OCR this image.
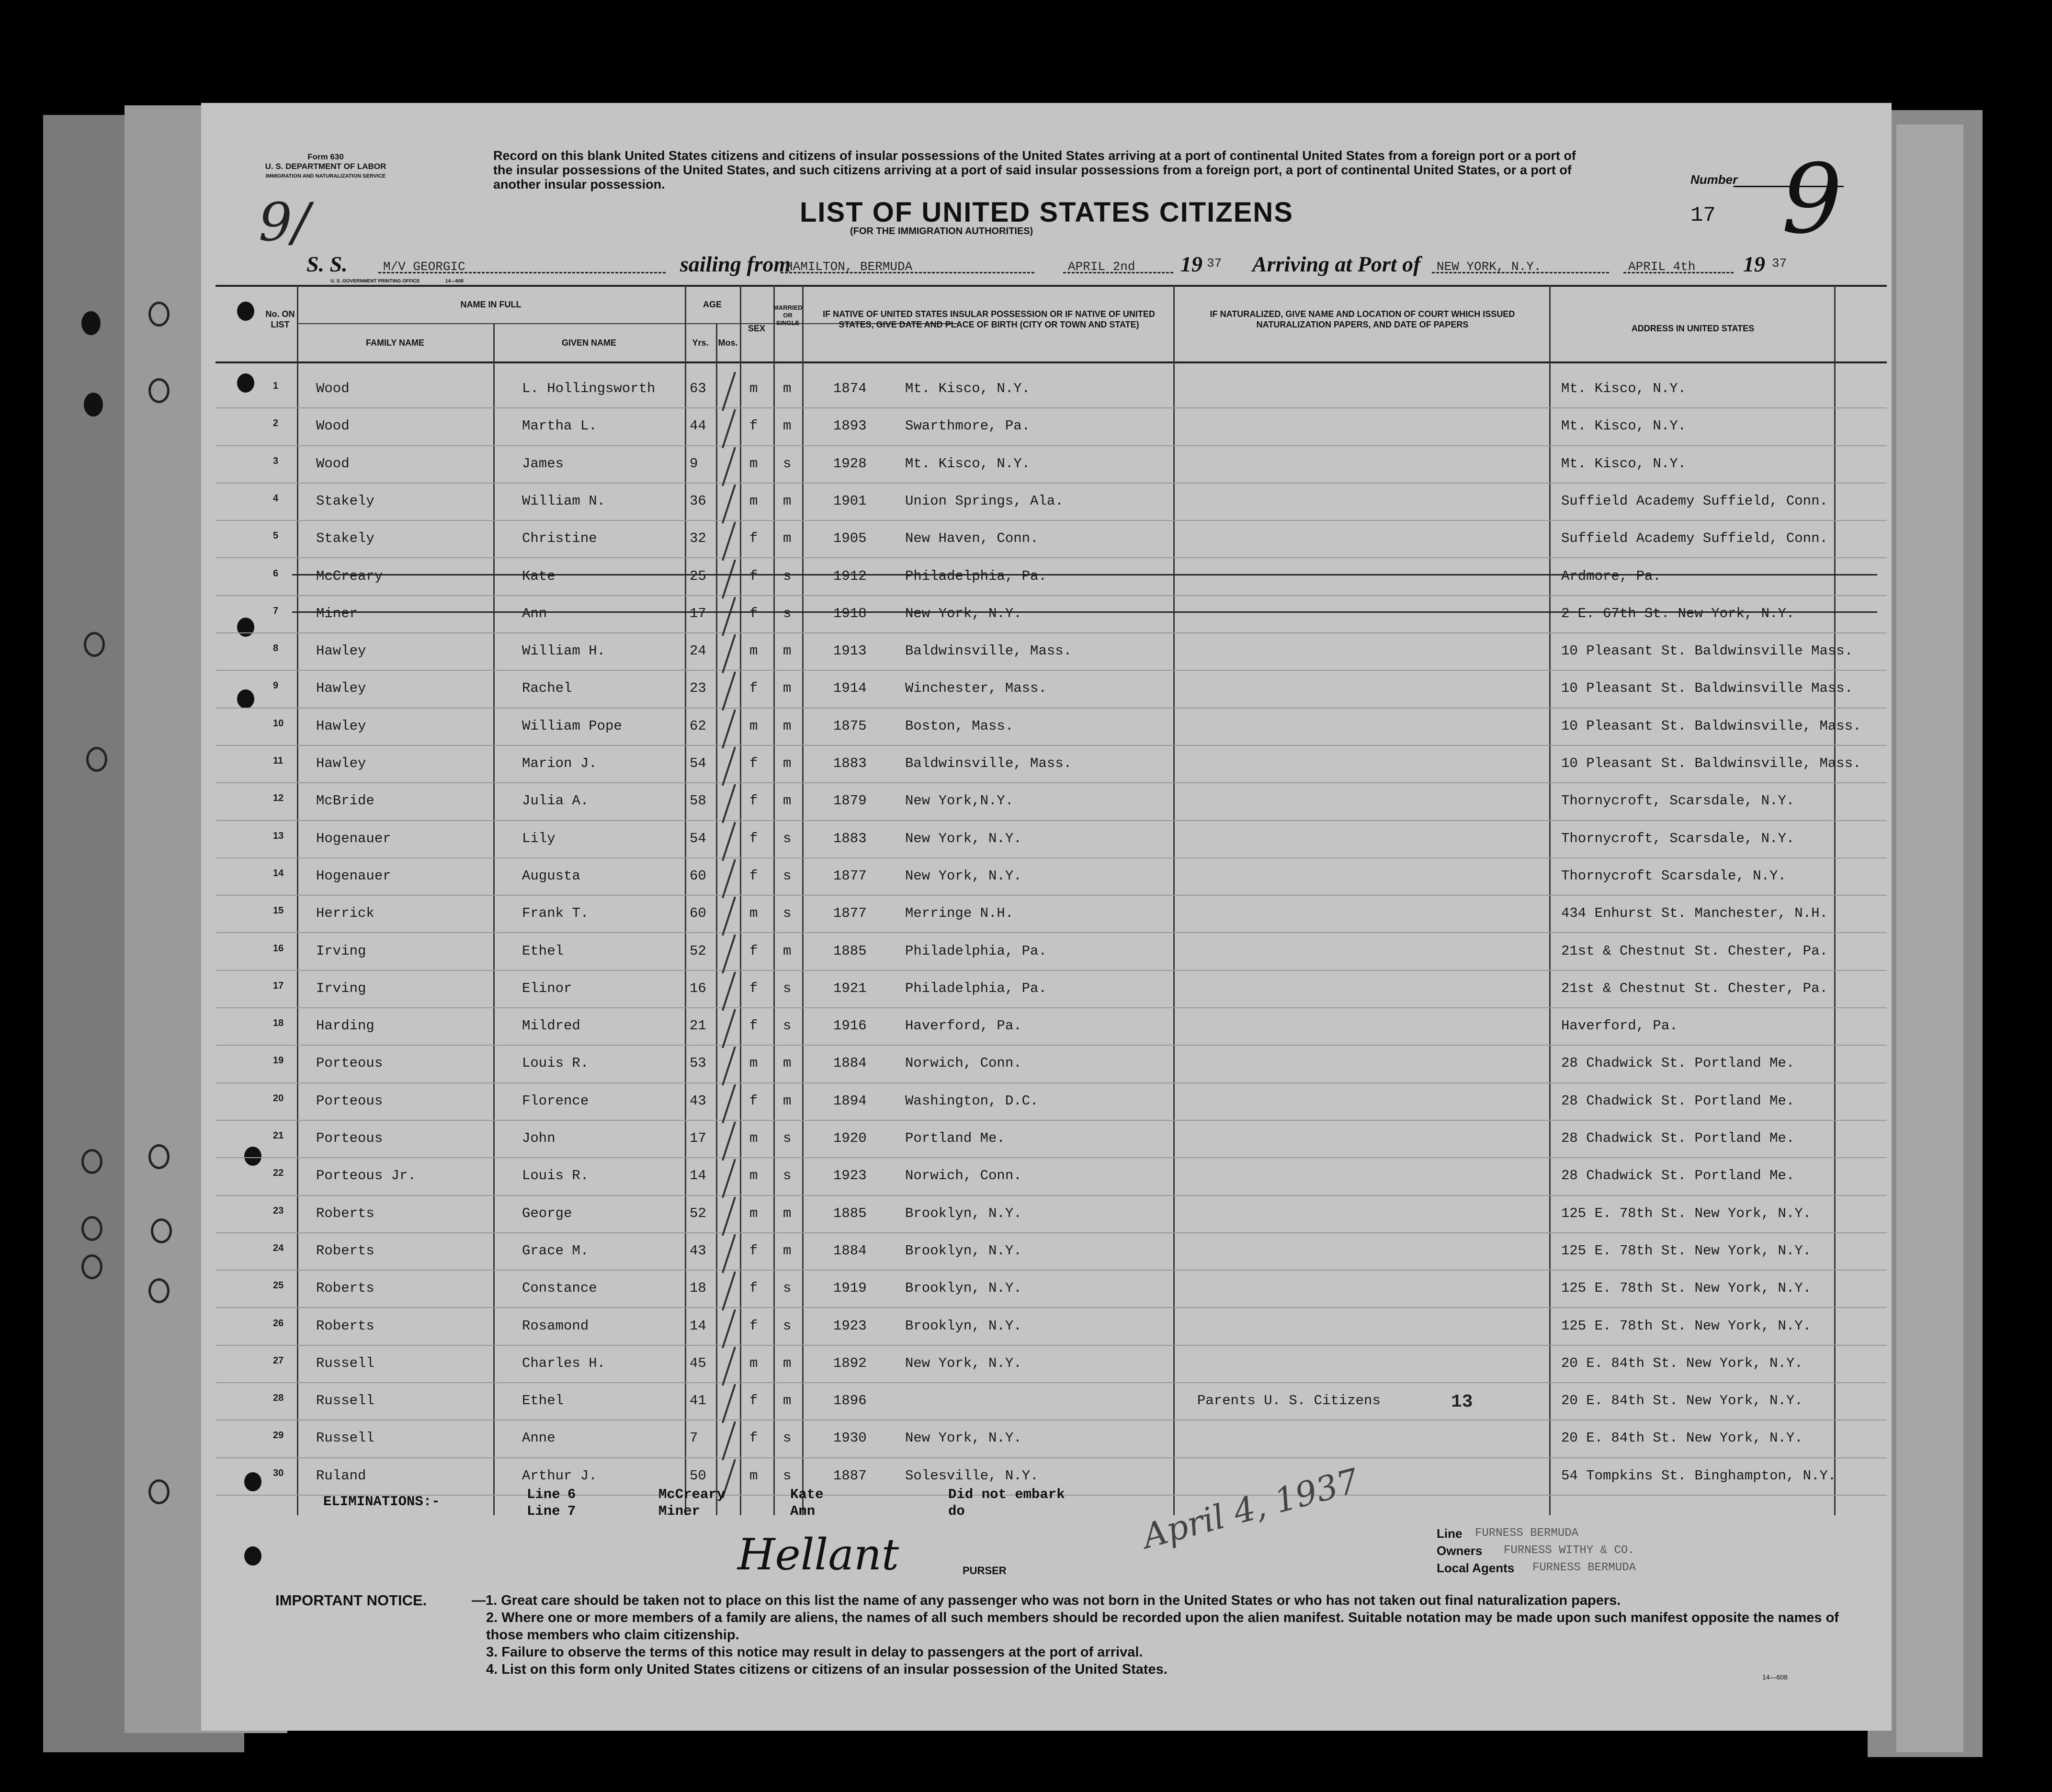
Form 630
U. S. DEPARTMENT OF LABOR
IMMIGRATION AND NATURALIZATION SERVICE
Record on this blank United States citizens and citizens of insular possessions of the United States arriving at a port of continental United States from a foreign port or a port of the insular possessions of the United States, and such citizens arriving at a port of said insular possessions from a foreign port, a port of continental United States, or a port of another insular possession.	Number 9
17
LIST OF UNITED STATES CITIZENS
(FOR THE IMMIGRATION AUTHORITIES)
9/
S. S.	M/V GEORGIC	sailing from
HAMILTON, BERMUDA	APRIL 2nd 19 37 Arriving at Port of NEW YORK, N.Y.	APRIL 4th 19 37
U. S. GOVERNMENT PRINTING OFFICE	14—608
No. ON LIST
NAME IN FULL
FAMILY NAME	GIVEN NAME
AGE
Yrs.	Mos.
SEX
MARRIED OR SINGLE
IF NATIVE OF UNITED STATES INSULAR POSSESSION OR IF NATIVE OF UNITED STATES, GIVE DATE AND PLACE OF BIRTH (CITY OR TOWN AND STATE)
IF NATURALIZED, GIVE NAME AND LOCATION OF COURT WHICH ISSUED NATURALIZATION PAPERS, AND DATE OF PAPERS	ADDRESS IN UNITED STATES
1	Wood	L. Hollingsworth 63	m m	1874	Mt. Kisco, N.Y.	Mt. Kisco, N.Y.
2	Wood	Martha L.	44	f m	1893	Swarthmore, Pa.	Mt. Kisco, N.Y.
3	Wood	James	9	m s	1928	Mt. Kisco, N.Y.	Mt. Kisco, N.Y.
4	Stakely	William N.	36	m m	1901	Union Springs, Ala.	Suffield Academy Suffield, Conn.
5	Stakely	Christine	32	f m	1905	New Haven, Conn.	Suffield Academy Suffield, Conn.
6	McCreary	Kate	25	f s	1912	Philadelphia, Pa.	Ardmore, Pa.
7	Miner	Ann	17	f s	1918	New York, N.Y.	2 E. 67th St. New York, N.Y.
8	Hawley	William H.	24	m m	1913	Baldwinsville, Mass.	10 Pleasant St. Baldwinsville Mass.
9	Hawley	Rachel	23	f m	1914	Winchester, Mass.	10 Pleasant St. Baldwinsville Mass.
10 Hawley	William Pope	62	m m	1875	Boston, Mass.	10 Pleasant St. Baldwinsville, Mass.
11 Hawley	Marion J.	54	f m	1883	Baldwinsville, Mass.	10 Pleasant St. Baldwinsville, Mass.
12 McBride	Julia A.	58	f m	1879	New York,N.Y.	Thornycroft, Scarsdale, N.Y.
13 Hogenauer	Lily	54	f s	1883	New York, N.Y.	Thornycroft, Scarsdale, N.Y.
14 Hogenauer	Augusta	60	f s	1877	New York, N.Y.	Thornycroft Scarsdale, N.Y.
15 Herrick	Frank T.	60	m s	1877	Merringe N.H.	434 Enhurst St. Manchester, N.H.
16 Irving	Ethel	52	f m	1885	Philadelphia, Pa.	21st & Chestnut St. Chester, Pa.
17 Irving	Elinor	16	f s	1921	Philadelphia, Pa.	21st & Chestnut St. Chester, Pa.
18 Harding	Mildred	21	f s	1916	Haverford, Pa.	Haverford, Pa.
19 Porteous	Louis R.	53	m m	1884	Norwich, Conn.	28 Chadwick St. Portland Me.
20 Porteous	Florence	43	f m	1894	Washington, D.C.	28 Chadwick St. Portland Me.
21 Porteous	John	17	m s	1920	Portland Me.	28 Chadwick St. Portland Me.
22 Porteous Jr.	Louis R.	14	m s	1923	Norwich, Conn.	28 Chadwick St. Portland Me.
23 Roberts	George	52	m m	1885	Brooklyn, N.Y.	125 E. 78th St. New York, N.Y.
24 Roberts	Grace M.	43	f m	1884	Brooklyn, N.Y.	125 E. 78th St. New York, N.Y.
25 Roberts	Constance	18	f s	1919	Brooklyn, N.Y.	125 E. 78th St. New York, N.Y.
26 Roberts	Rosamond	14	f s	1923	Brooklyn, N.Y.	125 E. 78th St. New York, N.Y.
27 Russell	Charles H.	45	m m	1892	New York, N.Y.	20 E. 84th St. New York, N.Y.
28 Russell	Ethel	41	f m	1896	Parents U. S. Citizens	20 E. 84th St. New York, N.Y.
29 Russell	Anne	7	f s	1930	New York, N.Y.	20 E. 84th St. New York, N.Y.
30 Ruland	Arthur J.	50	m s	1887	Solesville, N.Y.	54 Tompkins St. Binghampton, N.Y.
13
ELIMINATIONS:-	Line 6	McCreary	Kate	Did not embark
Line 7	Miner	Ann	do	April 4, 1937
Hellant	PURSER
Line FURNESS BERMUDA
Owners FURNESS WITHY & CO.
Local Agents FURNESS BERMUDA
IMPORTANT NOTICE.	—1. Great care should be taken not to place on this list the name of any passenger who was not born in the United States or who has not taken out final naturalization papers.
2. Where one or more members of a family are aliens, the names of all such members should be recorded upon the alien manifest. Suitable notation may be made upon such manifest opposite the names of those members who claim citizenship.
3. Failure to observe the terms of this notice may result in delay to passengers at the port of arrival.
4. List on this form only United States citizens or citizens of an insular possession of the United States.	14—608
